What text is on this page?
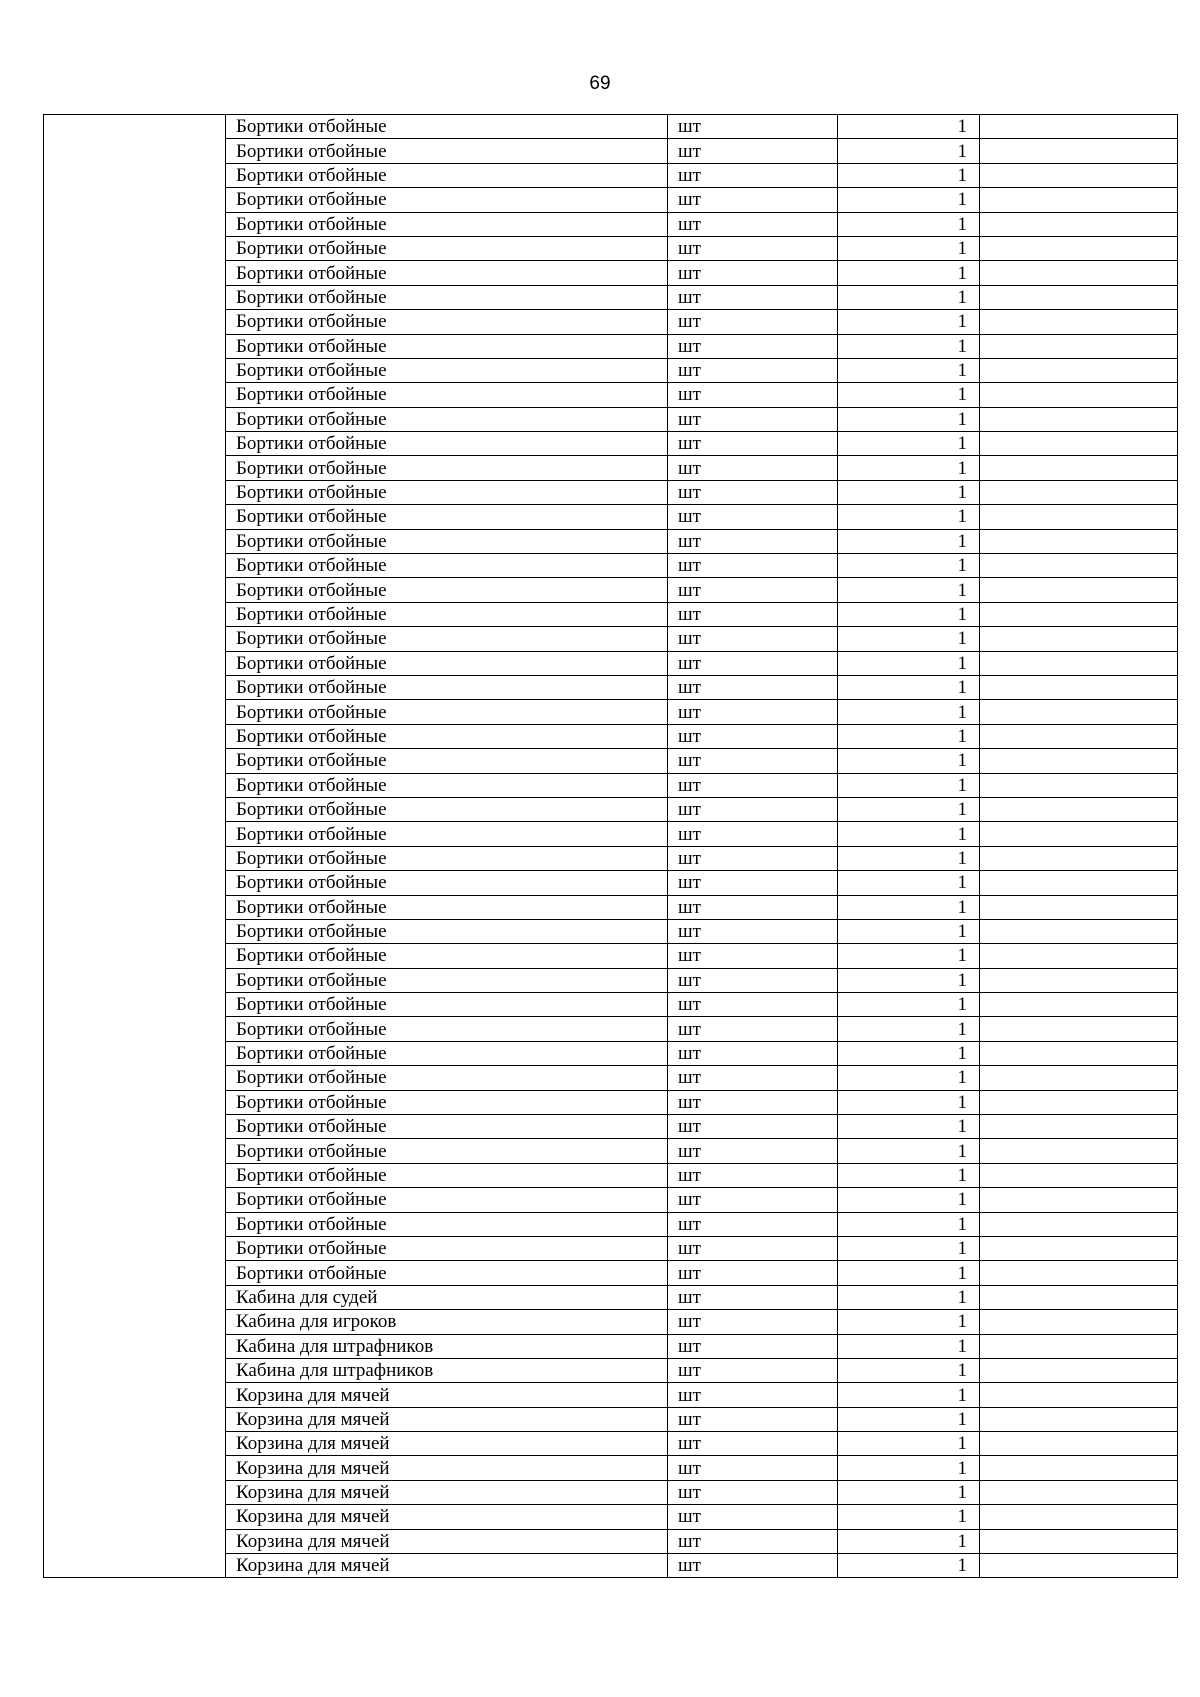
69
	Бортики отбойные	шт	1	
	Бортики отбойные	шт	1	
	Бортики отбойные	шт	1	
	Бортики отбойные	шт	1	
	Бортики отбойные	шт	1	
	Бортики отбойные	шт	1	
	Бортики отбойные	шт	1	
	Бортики отбойные	шт	1	
	Бортики отбойные	шт	1	
	Бортики отбойные	шт	1	
	Бортики отбойные	шт	1	
	Бортики отбойные	шт	1	
	Бортики отбойные	шт	1	
	Бортики отбойные	шт	1	
	Бортики отбойные	шт	1	
	Бортики отбойные	шт	1	
	Бортики отбойные	шт	1	
	Бортики отбойные	шт	1	
	Бортики отбойные	шт	1	
	Бортики отбойные	шт	1	
	Бортики отбойные	шт	1	
	Бортики отбойные	шт	1	
	Бортики отбойные	шт	1	
	Бортики отбойные	шт	1	
	Бортики отбойные	шт	1	
	Бортики отбойные	шт	1	
	Бортики отбойные	шт	1	
	Бортики отбойные	шт	1	
	Бортики отбойные	шт	1	
	Бортики отбойные	шт	1	
	Бортики отбойные	шт	1	
	Бортики отбойные	шт	1	
	Бортики отбойные	шт	1	
	Бортики отбойные	шт	1	
	Бортики отбойные	шт	1	
	Бортики отбойные	шт	1	
	Бортики отбойные	шт	1	
	Бортики отбойные	шт	1	
	Бортики отбойные	шт	1	
	Бортики отбойные	шт	1	
	Бортики отбойные	шт	1	
	Бортики отбойные	шт	1	
	Бортики отбойные	шт	1	
	Бортики отбойные	шт	1	
	Бортики отбойные	шт	1	
	Бортики отбойные	шт	1	
	Бортики отбойные	шт	1	
	Бортики отбойные	шт	1	
	Кабина для судей	шт	1	
	Кабина для игроков	шт	1	
	Кабина для штрафников	шт	1	
	Кабина для штрафников	шт	1	
	Корзина для мячей	шт	1	
	Корзина для мячей	шт	1	
	Корзина для мячей	шт	1	
	Корзина для мячей	шт	1	
	Корзина для мячей	шт	1	
	Корзина для мячей	шт	1	
	Корзина для мячей	шт	1	
	Корзина для мячей	шт	1	
